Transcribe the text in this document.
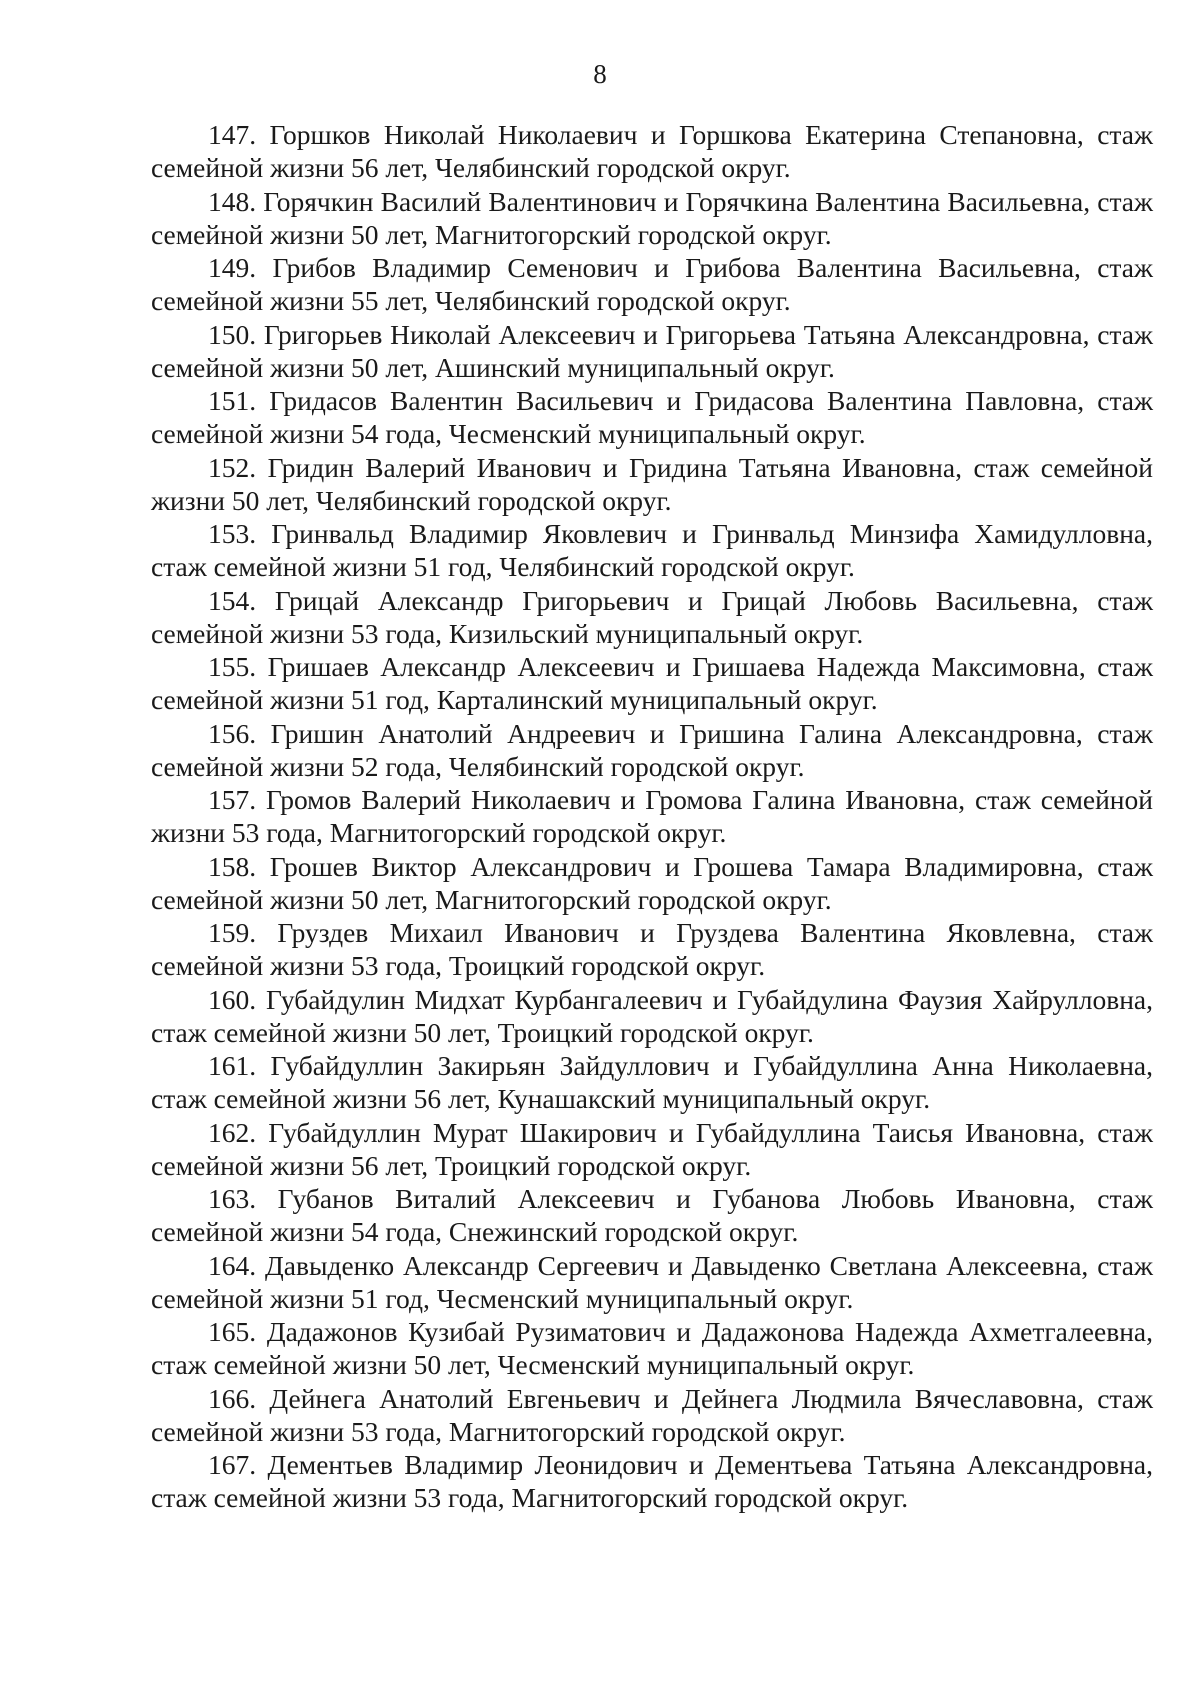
8

147. Горшков Николай Николаевич и Горшкова Екатерина Степановна, стаж семейной жизни 56 лет, Челябинский городской округ.

148. Горячкин Василий Валентинович и Горячкина Валентина Васильевна, стаж семейной жизни 50 лет, Магнитогорский городской округ.

149. Грибов Владимир Семенович и Грибова Валентина Васильевна, стаж семейной жизни 55 лет, Челябинский городской округ.

150. Григорьев Николай Алексеевич и Григорьева Татьяна Александровна, стаж семейной жизни 50 лет, Ашинский муниципальный округ.

151. Гридасов Валентин Васильевич и Гридасова Валентина Павловна, стаж семейной жизни 54 года, Чесменский муниципальный округ.

152. Гридин Валерий Иванович и Гридина Татьяна Ивановна, стаж семейной жизни 50 лет, Челябинский городской округ.

153. Гринвальд Владимир Яковлевич и Гринвальд Минзифа Хамидулловна, стаж семейной жизни 51 год, Челябинский городской округ.

154. Грицай Александр Григорьевич и Грицай Любовь Васильевна, стаж семейной жизни 53 года, Кизильский муниципальный округ.

155. Гришаев Александр Алексеевич и Гришаева Надежда Максимовна, стаж семейной жизни 51 год, Карталинский муниципальный округ.

156. Гришин Анатолий Андреевич и Гришина Галина Александровна, стаж семейной жизни 52 года, Челябинский городской округ.

157. Громов Валерий Николаевич и Громова Галина Ивановна, стаж семейной жизни 53 года, Магнитогорский городской округ.

158. Грошев Виктор Александрович и Грошева Тамара Владимировна, стаж семейной жизни 50 лет, Магнитогорский городской округ.

159. Груздев Михаил Иванович и Груздева Валентина Яковлевна, стаж семейной жизни 53 года, Троицкий городской округ.

160. Губайдулин Мидхат Курбангалеевич и Губайдулина Фаузия Хайрулловна, стаж семейной жизни 50 лет, Троицкий городской округ.

161. Губайдуллин Закирьян Зайдуллович и Губайдуллина Анна Николаевна, стаж семейной жизни 56 лет, Кунашакский муниципальный округ.

162. Губайдуллин Мурат Шакирович и Губайдуллина Таисья Ивановна, стаж семейной жизни 56 лет, Троицкий городской округ.

163. Губанов Виталий Алексеевич и Губанова Любовь Ивановна, стаж семейной жизни 54 года, Снежинский городской округ.

164. Давыденко Александр Сергеевич и Давыденко Светлана Алексеевна, стаж семейной жизни 51 год, Чесменский муниципальный округ.

165. Дадажонов Кузибай Рузиматович и Дадажонова Надежда Ахметгалеевна, стаж семейной жизни 50 лет, Чесменский муниципальный округ.

166. Дейнега Анатолий Евгеньевич и Дейнега Людмила Вячеславовна, стаж семейной жизни 53 года, Магнитогорский городской округ.

167. Дементьев Владимир Леонидович и Дементьева Татьяна Александровна, стаж семейной жизни 53 года, Магнитогорский городской округ.
